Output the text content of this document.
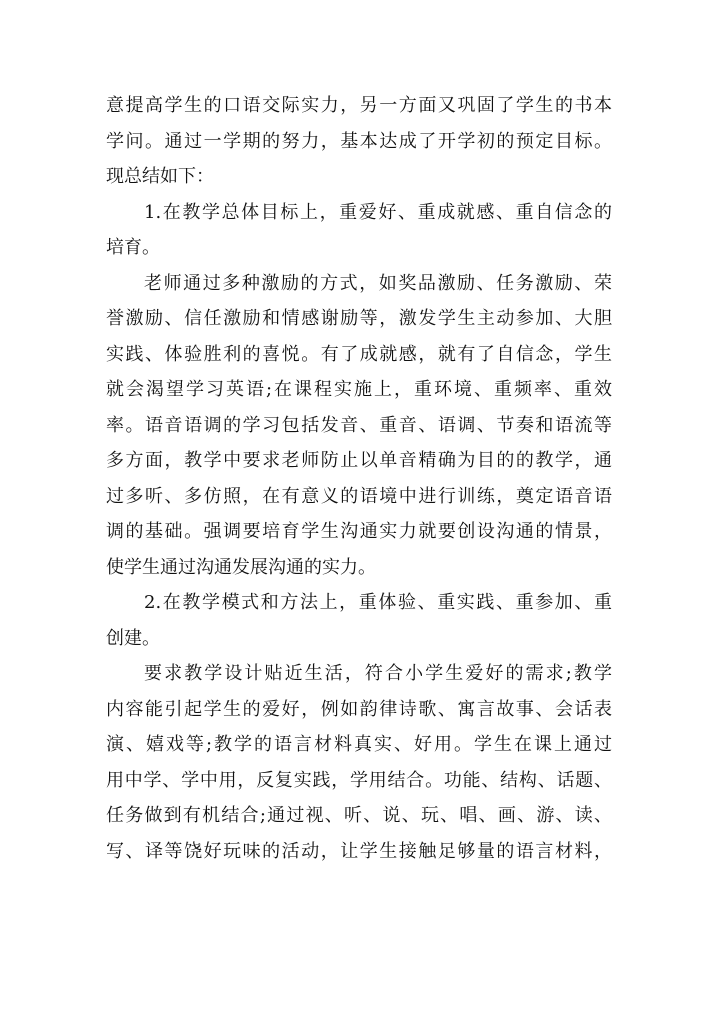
意提高学生的口语交际实力，另一方面又巩固了学生的书本
学问。通过一学期的努力，基本达成了开学初的预定目标。
现总结如下：
1.在教学总体目标上，重爱好、重成就感、重自信念的
培育。
老师通过多种激励的方式，如奖品激励、任务激励、荣
誉激励、信任激励和情感谢励等，激发学生主动参加、大胆
实践、体验胜利的喜悦。有了成就感，就有了自信念，学生
就会渴望学习英语;在课程实施上，重环境、重频率、重效
率。语音语调的学习包括发音、重音、语调、节奏和语流等
多方面，教学中要求老师防止以单音精确为目的的教学，通
过多听、多仿照，在有意义的语境中进行训练，奠定语音语
调的基础。强调要培育学生沟通实力就要创设沟通的情景，
使学生通过沟通发展沟通的实力。
2.在教学模式和方法上，重体验、重实践、重参加、重
创建。
要求教学设计贴近生活，符合小学生爱好的需求;教学
内容能引起学生的爱好，例如韵律诗歌、寓言故事、会话表
演、嬉戏等;教学的语言材料真实、好用。学生在课上通过
用中学、学中用，反复实践，学用结合。功能、结构、话题、
任务做到有机结合;通过视、听、说、玩、唱、画、游、读、
写、译等饶好玩味的活动，让学生接触足够量的语言材料，
